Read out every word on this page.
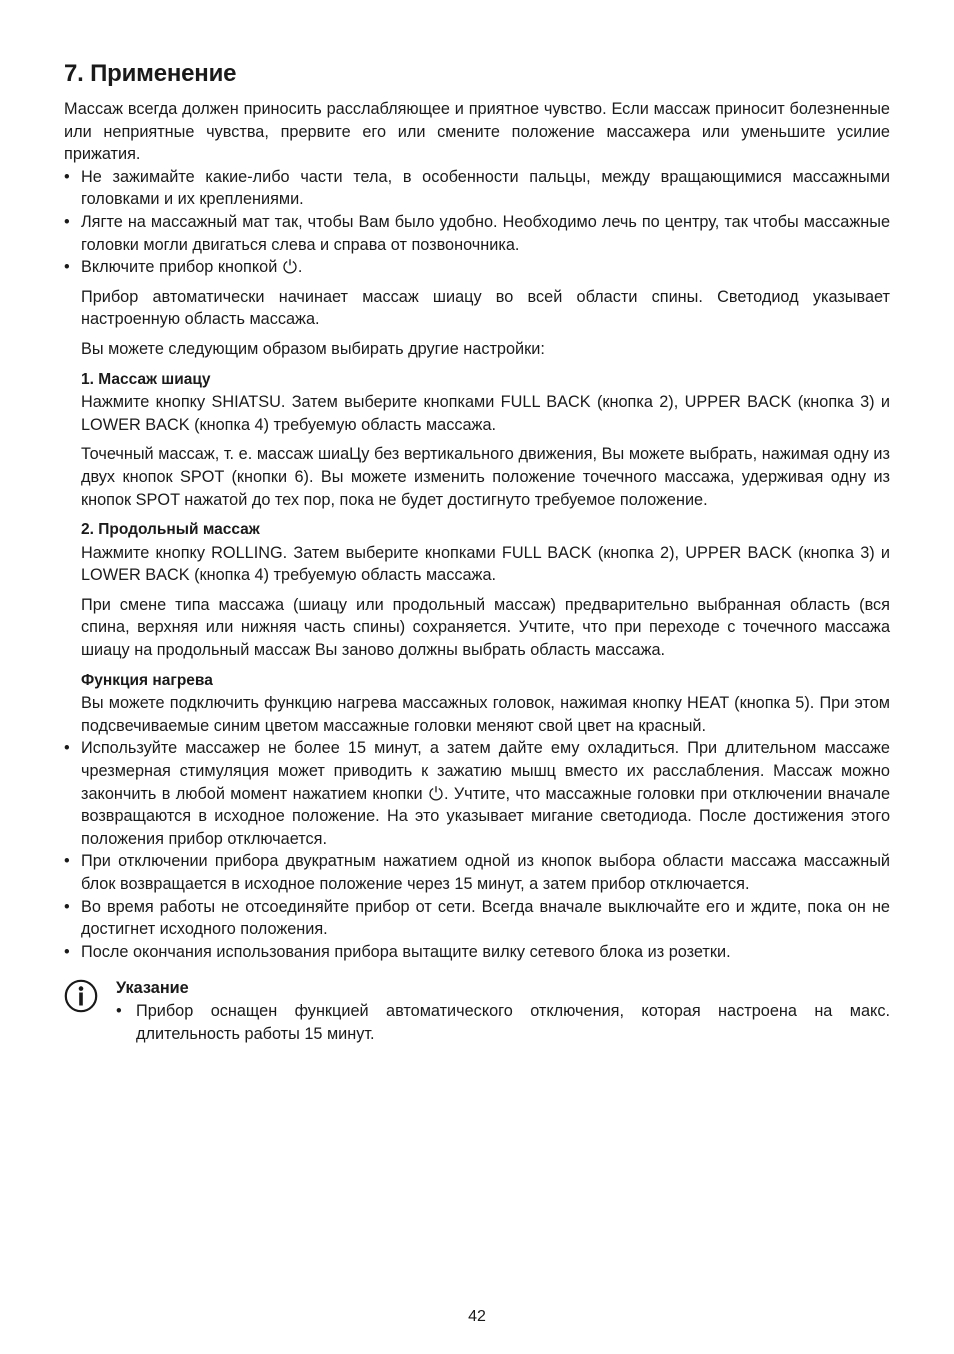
7. Применение

Массаж всегда должен приносить расслабляющее и приятное чувство. Если массаж приносит болезненные или неприятные чувства, прервите его или смените положение массажера или уменьшите усилие прижатия.

• Не зажимайте какие-либо части тела, в особенности пальцы, между вращающимися массажными головками и их креплениями.
• Лягте на массажный мат так, чтобы Вам было удобно. Необходимо лечь по центру, так чтобы массажные головки могли двигаться слева и справа от позвоночника.
• Включите прибор кнопкой .

Прибор автоматически начинает массаж шиацу во всей области спины. Светодиод указывает настроенную область массажа.

Вы можете следующим образом выбирать другие настройки:

1. Массаж шиацу

Нажмите кнопку SHIATSU. Затем выберите кнопками FULL BACK (кнопка 2), UPPER BACK (кнопка 3) и LOWER BACK (кнопка 4) требуемую область массажа.

Точечный массаж, т. е. массаж шиаЦу без вертикального движения, Вы можете выбрать, нажимая одну из двух кнопок SPOT (кнопки 6). Вы можете изменить положение точечного массажа, удерживая одну из кнопок SPOT нажатой до тех пор, пока не будет достигнуто требуемое положение.

2. Продольный массаж

Нажмите кнопку ROLLING. Затем выберите кнопками FULL BACK (кнопка 2), UPPER BACK (кнопка 3) и LOWER BACK (кнопка 4) требуемую область массажа.

При смене типа массажа (шиацу или продольный массаж) предварительно выбранная область (вся спина, верхняя или нижняя часть спины) сохраняется. Учтите, что при переходе с точечного массажа шиацу на продольный массаж Вы заново должны выбрать область массажа.

Функция нагрева

Вы можете подключить функцию нагрева массажных головок, нажимая кнопку HEAT (кнопка 5). При этом подсвечиваемые синим цветом массажные головки меняют свой цвет на красный.

• Используйте массажер не более 15 минут, а затем дайте ему охладиться. При длительном массаже чрезмерная стимуляция может приводить к зажатию мышц вместо их расслабления. Массаж можно закончить в любой момент нажатием кнопки . Учтите, что массажные головки при отключении вначале возвращаются в исходное положение. На это указывает мигание светодиода. После достижения этого положения прибор отключается.
• При отключении прибора двукратным нажатием одной из кнопок выбора области массажа массажный блок возвращается в исходное положение через 15 минут, а затем прибор отключается.
• Во время работы не отсоединяйте прибор от сети. Всегда вначале выключайте его и ждите, пока он не достигнет исходного положения.
• После окончания использования прибора вытащите вилку сетевого блока из розетки.
Указание
• Прибор оснащен функцией автоматического отключения, которая настроена на макс. длительность работы 15 минут.
42
